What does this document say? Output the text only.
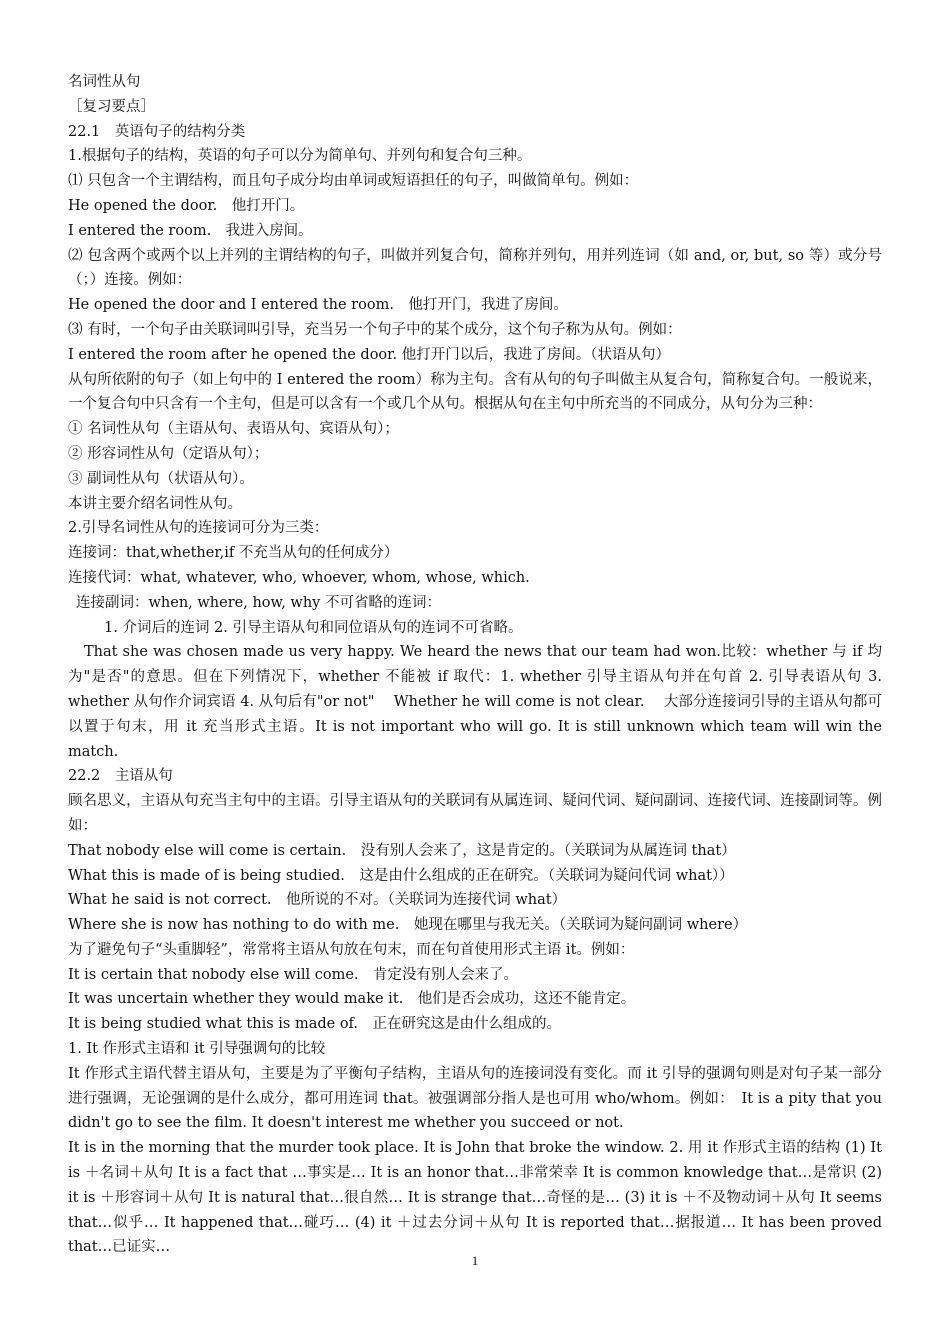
名词性从句
［复习要点］
22.1　英语句子的结构分类
1.根据句子的结构，英语的句子可以分为简单句、并列句和复合句三种。
⑴ 只包含一个主谓结构，而且句子成分均由单词或短语担任的句子，叫做简单句。例如：
He opened the door.　他打开门。
I entered the room.　我进入房间。
⑵ 包含两个或两个以上并列的主谓结构的句子，叫做并列复合句，简称并列句，用并列连词（如 and, or, but, so 等）或分号（；）连接。例如：
He opened the door and I entered the room.　他打开门，我进了房间。
⑶ 有时，一个句子由关联词叫引导，充当另一个句子中的某个成分，这个句子称为从句。例如：
I entered the room after he opened the door. 他打开门以后，我进了房间。（状语从句）
从句所依附的句子（如上句中的 I entered the room）称为主句。含有从句的句子叫做主从复合句，简称复合句。一般说来，一个复合句中只含有一个主句，但是可以含有一个或几个从句。根据从句在主句中所充当的不同成分，从句分为三种：
① 名词性从句（主语从句、表语从句、宾语从句）；
② 形容词性从句（定语从句）；
③ 副词性从句（状语从句）。
本讲主要介绍名词性从句。
2.引导名词性从句的连接词可分为三类：
连接词：that,whether,if 不充当从句的任何成分）
连接代词：what, whatever, who, whoever, whom, whose, which.
连接副词：when, where, how, why 不可省略的连词：
1. 介词后的连词 2. 引导主语从句和同位语从句的连词不可省略。
That she was chosen made us very happy. We heard the news that our team had won.比较：whether 与 if 均为"是否"的意思。但在下列情况下，whether 不能被 if 取代：1. whether 引导主语从句并在句首 2. 引导表语从句 3. whether 从句作介词宾语 4. 从句后有"or not"　 Whether he will come is not clear.　 大部分连接词引导的主语从句都可以置于句末，用 it 充当形式主语。It is not important who will go. It is still unknown which team will win the match.
22.2　主语从句
顾名思义，主语从句充当主句中的主语。引导主语从句的关联词有从属连词、疑问代词、疑问副词、连接代词、连接副词等。例如：
That nobody else will come is certain.　没有别人会来了，这是肯定的。（关联词为从属连词 that）
What this is made of is being studied.　这是由什么组成的正在研究。（关联词为疑问代词 what））
What he said is not correct.　他所说的不对。（关联词为连接代词 what）
Where she is now has nothing to do with me.　她现在哪里与我无关。（关联词为疑问副词 where）
为了避免句子“头重脚轻”，常常将主语从句放在句末，而在句首使用形式主语 it。例如：
It is certain that nobody else will come.　肯定没有别人会来了。
It was uncertain whether they would make it.　他们是否会成功，这还不能肯定。
It is being studied what this is made of.　正在研究这是由什么组成的。
1. It 作形式主语和 it 引导强调句的比较
It 作形式主语代替主语从句，主要是为了平衡句子结构，主语从句的连接词没有变化。而 it 引导的强调句则是对句子某一部分进行强调，无论强调的是什么成分，都可用连词 that。被强调部分指人是也可用 who/whom。例如：　It is a pity that you didn't go to see the film. It doesn't interest me whether you succeed or not.
It is in the morning that the murder took place. It is John that broke the window. 2. 用 it 作形式主语的结构 (1) It is ＋名词＋从句 It is a fact that …事实是… It is an honor that…非常荣幸 It is common knowledge that…是常识 (2) it is ＋形容词＋从句 It is natural that…很自然… It is strange that…奇怪的是… (3) it is ＋不及物动词＋从句 It seems that…似乎… It happened that…碰巧… (4) it ＋过去分词＋从句 It is reported that…据报道… It has been proved that…已证实…
1
